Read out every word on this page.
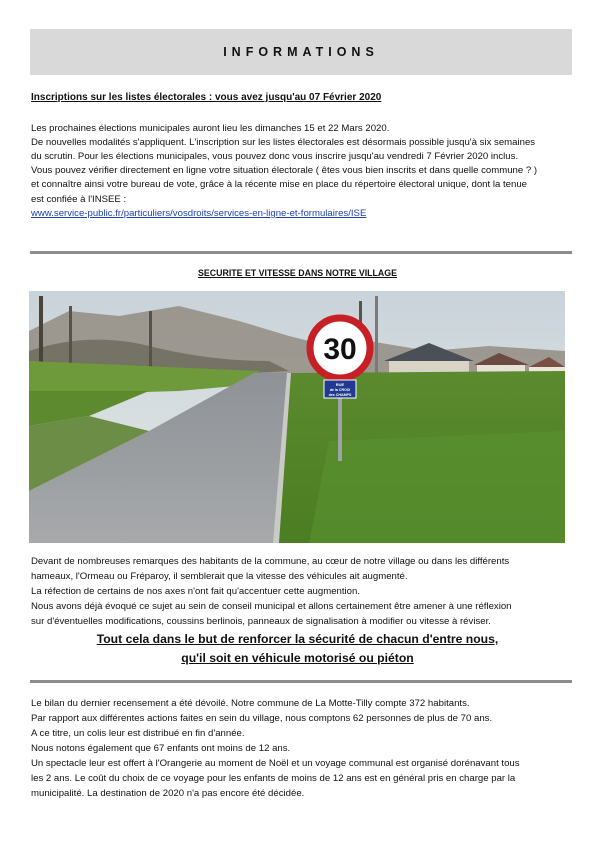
INFORMATIONS
Inscriptions sur les listes électorales : vous avez jusqu'au 07 Février 2020

Les prochaines élections municipales auront lieu les dimanches 15 et 22 Mars 2020.

De nouvelles modalités s'appliquent. L'inscription sur les listes électorales est désormais possible jusqu'à six semaines

du scrutin. Pour les élections municipales, vous pouvez donc vous inscrire jusqu'au vendredi 7 Février 2020 inclus.

Vous pouvez vérifier directement en ligne votre situation électorale ( êtes vous bien inscrits et dans quelle commune ? )

et connaître ainsi votre bureau de vote, grâce à la récente mise en place du répertoire électoral unique, dont la tenue

est confiée à l'INSEE :

www.service-public.fr/particuliers/vosdroits/services-en-ligne-et-formulaires/ISE

SECURITE ET VITESSE DANS NOTRE VILLAGE
30
RUE
de la CROIX
des CHAMPS

Devant de nombreuses remarques des habitants de la commune, au cœur de notre village ou dans les différents

hameaux, l'Ormeau ou Fréparoy, il semblerait que la vitesse des véhicules ait augmenté.

La réfection de certains de nos axes n'ont fait qu'accentuer cette augmention.

Nous avons déjà évoqué ce sujet au sein de conseil municipal et allons certainement être amener à une réflexion

sur d'éventuelles modifications, coussins berlinois, panneaux de signalisation à modifier ou vitesse à réviser.

Tout cela dans le but de renforcer la sécurité de chacun d'entre nous,
qu'il soit en véhicule motorisé ou piéton

Le bilan du dernier recensement a été dévoilé. Notre commune de La Motte-Tilly compte 372 habitants.

Par rapport aux différentes actions faites en sein du village, nous comptons 62 personnes de plus de 70 ans.

A ce titre, un colis leur est distribué en fin d'année.

Nous notons également que 67 enfants ont moins de 12 ans.

Un spectacle leur est offert à l'Orangerie au moment de Noël et un voyage communal est organisé dorénavant tous

les 2 ans. Le coût du choix de ce voyage pour les enfants de moins de 12 ans est en général pris en charge par la

municipalité. La destination de 2020 n'a pas encore été décidée.
